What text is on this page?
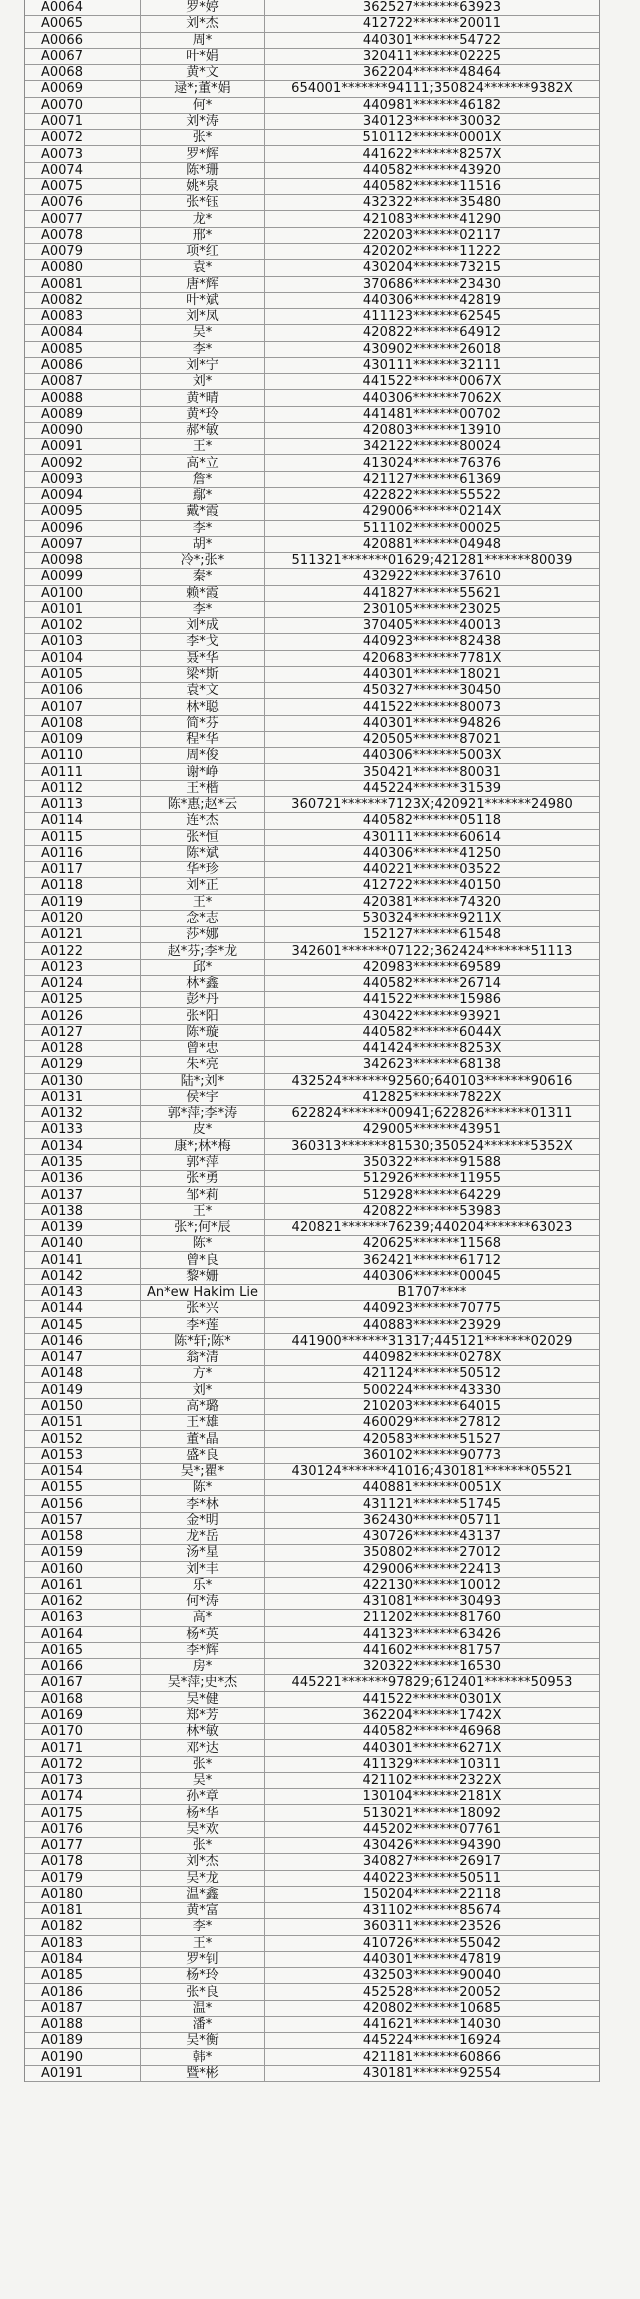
A0064	罗*婷	362527*******63923
A0065	刘*杰	412722*******20011
A0066	周*	440301*******54722
A0067	叶*娟	320411*******02225
A0068	黄*文	362204*******48464
A0069	逯*;董*娟	654001*******94111;350824*******9382X
A0070	何*	440981*******46182
A0071	刘*涛	340123*******30032
A0072	张*	510112*******0001X
A0073	罗*辉	441622*******8257X
A0074	陈*珊	440582*******43920
A0075	姚*泉	440582*******11516
A0076	张*钰	432322*******35480
A0077	龙*	421083*******41290
A0078	邢*	220203*******02117
A0079	项*红	420202*******11222
A0080	袁*	430204*******73215
A0081	唐*辉	370686*******23430
A0082	叶*斌	440306*******42819
A0083	刘*凤	411123*******62545
A0084	吴*	420822*******64912
A0085	李*	430902*******26018
A0086	刘*宁	430111*******32111
A0087	刘*	441522*******0067X
A0088	黄*晴	440306*******7062X
A0089	黄*玲	441481*******00702
A0090	郝*敏	420803*******13910
A0091	王*	342122*******80024
A0092	高*立	413024*******76376
A0093	詹*	421127*******61369
A0094	鄢*	422822*******55522
A0095	戴*霞	429006*******0214X
A0096	李*	511102*******00025
A0097	胡*	420881*******04948
A0098	冷*;张*	511321*******01629;421281*******80039
A0099	秦*	432922*******37610
A0100	赖*霞	441827*******55621
A0101	李*	230105*******23025
A0102	刘*成	370405*******40013
A0103	李*戈	440923*******82438
A0104	聂*华	420683*******7781X
A0105	梁*斯	440301*******18021
A0106	袁*文	450327*******30450
A0107	林*聪	441522*******80073
A0108	简*芬	440301*******94826
A0109	程*华	420505*******87021
A0110	周*俊	440306*******5003X
A0111	谢*峥	350421*******80031
A0112	王*楷	445224*******31539
A0113	陈*惠;赵*云	360721*******7123X;420921*******24980
A0114	连*杰	440582*******05118
A0115	张*恒	430111*******60614
A0116	陈*斌	440306*******41250
A0117	华*珍	440221*******03522
A0118	刘*正	412722*******40150
A0119	王*	420381*******74320
A0120	念*志	530324*******9211X
A0121	莎*娜	152127*******61548
A0122	赵*芬;李*龙	342601*******07122;362424*******51113
A0123	邱*	420983*******69589
A0124	林*鑫	440582*******26714
A0125	彭*丹	441522*******15986
A0126	张*阳	430422*******93921
A0127	陈*璇	440582*******6044X
A0128	曾*忠	441424*******8253X
A0129	朱*亮	342623*******68138
A0130	陆*;刘*	432524*******92560;640103*******90616
A0131	侯*宇	412825*******7822X
A0132	郭*萍;李*涛	622824*******00941;622826*******01311
A0133	皮*	429005*******43951
A0134	康*;林*梅	360313*******81530;350524*******5352X
A0135	郭*萍	350322*******91588
A0136	张*勇	512926*******11955
A0137	邹*莉	512928*******64229
A0138	王*	420822*******53983
A0139	张*;何*辰	420821*******76239;440204*******63023
A0140	陈*	420625*******11568
A0141	曾*良	362421*******61712
A0142	黎*姗	440306*******00045
A0143	An*ew Hakim Lie	B1707****
A0144	张*兴	440923*******70775
A0145	李*莲	440883*******23929
A0146	陈*轩;陈*	441900*******31317;445121*******02029
A0147	翁*清	440982*******0278X
A0148	方*	421124*******50512
A0149	刘*	500224*******43330
A0150	高*璐	210203*******64015
A0151	王*雄	460029*******27812
A0152	董*晶	420583*******51527
A0153	盛*良	360102*******90773
A0154	吴*;瞿*	430124*******41016;430181*******05521
A0155	陈*	440881*******0051X
A0156	李*林	431121*******51745
A0157	金*明	362430*******05711
A0158	龙*岳	430726*******43137
A0159	汤*星	350802*******27012
A0160	刘*丰	429006*******22413
A0161	乐*	422130*******10012
A0162	何*涛	431081*******30493
A0163	高*	211202*******81760
A0164	杨*英	441323*******63426
A0165	李*辉	441602*******81757
A0166	房*	320322*******16530
A0167	吴*萍;史*杰	445221*******97829;612401*******50953
A0168	吴*健	441522*******0301X
A0169	郑*芳	362204*******1742X
A0170	林*敏	440582*******46968
A0171	邓*达	440301*******6271X
A0172	张*	411329*******10311
A0173	吴*	421102*******2322X
A0174	孙*章	130104*******2181X
A0175	杨*华	513021*******18092
A0176	吴*欢	445202*******07761
A0177	张*	430426*******94390
A0178	刘*杰	340827*******26917
A0179	吴*龙	440223*******50511
A0180	温*鑫	150204*******22118
A0181	黄*富	431102*******85674
A0182	李*	360311*******23526
A0183	王*	410726*******55042
A0184	罗*钊	440301*******47819
A0185	杨*玲	432503*******90040
A0186	张*良	452528*******20052
A0187	温*	420802*******10685
A0188	潘*	441621*******14030
A0189	吴*衡	445224*******16924
A0190	韩*	421181*******60866
A0191	暨*彬	430181*******92554
